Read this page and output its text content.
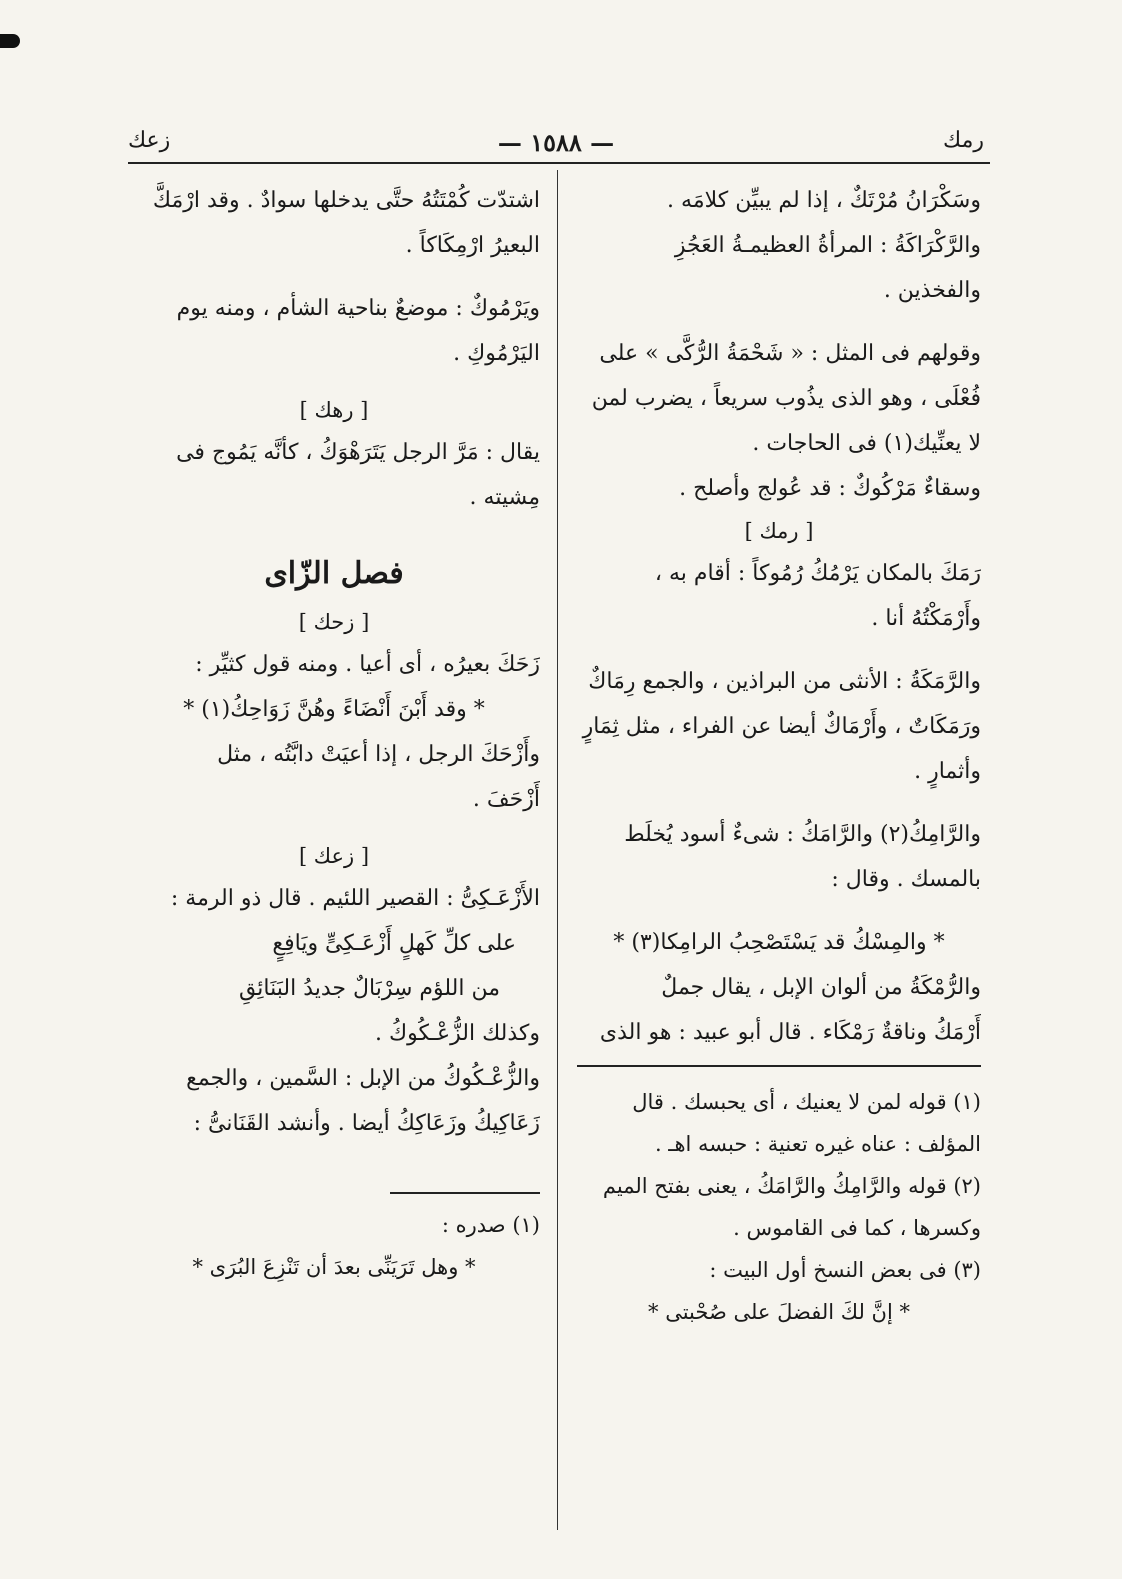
رمك
— ١٥٨٨ —
زعك
وسَكْرَانُ مُرْتَكٌ ، إذا لم يبيِّن كلامَه .
والرَّكْرَاكَةُ : المرأةُ العظيمـةُ العَجُزِ
والفخذين .
وقولهم فى المثل : « شَحْمَةُ الرُّكَّى » على
فُعْلَى ، وهو الذى يذُوب سريعاً ، يضرب لمن
لا يعنِّيك(١) فى الحاجات .
وسقاءٌ مَرْكُوكٌ : قد عُولج وأصلح .
[ رمك ]
رَمَكَ بالمكان يَرْمُكُ رُمُوكاً : أقام به ،
وأَرْمَكْتُهُ أنا .
والرَّمَكَةُ : الأنثى من البراذين ، والجمع رِمَاكٌ
ورَمَكَاتٌ ، وأَرْمَاكٌ أيضا عن الفراء ، مثل ثِمَارٍ
وأثمارٍ .
والرَّامِكُ(٢) والرَّامَكُ : شىءٌ أسود يُخلَط
بالمسك . وقال :
* والمِسْكُ قد يَسْتَصْحِبُ الرامِكا(٣) *
والرُّمْكَةُ من ألوان الإبل ، يقال جملٌ
أَرْمَكُ وناقةٌ رَمْكَاء . قال أبو عبيد : هو الذى
(١) قوله لمن لا يعنيك ، أى يحبسك . قال
المؤلف : عناه غيره تعنية : حبسه اهـ .
(٢) قوله والرَّامِكُ والرَّامَكُ ، يعنى بفتح الميم
وكسرها ، كما فى القاموس .
(٣) فى بعض النسخ أول البيت :
* إنَّ لكَ الفضلَ على صُحْبتى *
اشتدّت كُمْتَتُهُ حتَّى يدخلها سوادٌ . وقد ارْمَكَّ
البعيرُ ارْمِكَاكاً .
ويَرْمُوكٌ : موضعٌ بناحية الشأم ، ومنه يوم
اليَرْمُوكِ .
[ رهك ]
يقال : مَرَّ الرجل يَتَرَهْوَكُ ، كأنَّه يَمُوج فى
مِشيته .
فصل الزّاى
[ زحك ]
زَحَكَ بعيرُه ، أى أعيا . ومنه قول كثيِّر :
* وقد أَبْنَ أَنْضَاءً وهُنَّ زَوَاحِكُ(١) *
وأَزْحَكَ الرجل ، إذا أعيَتْ دابَّتُه ، مثل
أَزْحَفَ .
[ زعك ]
الأَزْعَـكِىُّ : القصير اللئيم . قال ذو الرمة :
على كلِّ كَهلٍ أَزْعَـكِىٍّ ويَافِعٍ
من اللؤم سِرْبَالٌ جديدُ البَنَائِقِ
وكذلك الزُّعْـكُوكُ .
والزُّعْـكُوكُ من الإبل : السَّمين ، والجمع
زَعَاكِيكُ وزَعَاكِكُ أيضا . وأنشد القَنَانىُّ :
(١) صدره :
* وهل تَرَيَنِّى بعدَ أن تَنْزِعَ البُرَى *
